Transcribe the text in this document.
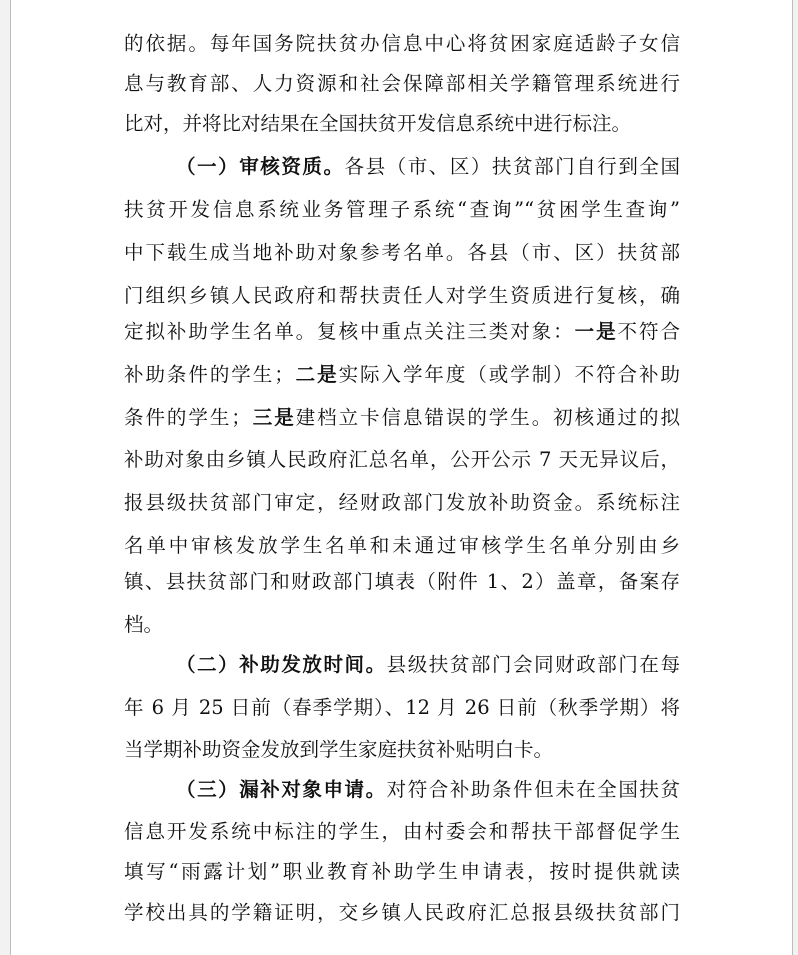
的依据。每年国务院扶贫办信息中心将贫困家庭适龄子女信
息与教育部、人力资源和社会保障部相关学籍管理系统进行
比对，并将比对结果在全国扶贫开发信息系统中进行标注。
（一）审核资质。各县（市、区）扶贫部门自行到全国
扶贫开发信息系统业务管理子系统“查询”“贫困学生查询”
中下载生成当地补助对象参考名单。各县（市、区）扶贫部
门组织乡镇人民政府和帮扶责任人对学生资质进行复核，确
定拟补助学生名单。复核中重点关注三类对象：一是不符合
补助条件的学生；二是实际入学年度（或学制）不符合补助
条件的学生；三是建档立卡信息错误的学生。初核通过的拟
补助对象由乡镇人民政府汇总名单，公开公示 7 天无异议后，
报县级扶贫部门审定，经财政部门发放补助资金。系统标注
名单中审核发放学生名单和未通过审核学生名单分别由乡
镇、县扶贫部门和财政部门填表（附件 1、2）盖章，备案存
档。
（二）补助发放时间。县级扶贫部门会同财政部门在每
年 6 月 25 日前（春季学期）、12 月 26 日前（秋季学期）将
当学期补助资金发放到学生家庭扶贫补贴明白卡。
（三）漏补对象申请。对符合补助条件但未在全国扶贫
信息开发系统中标注的学生，由村委会和帮扶干部督促学生
填写“雨露计划”职业教育补助学生申请表，按时提供就读
学校出具的学籍证明，交乡镇人民政府汇总报县级扶贫部门
